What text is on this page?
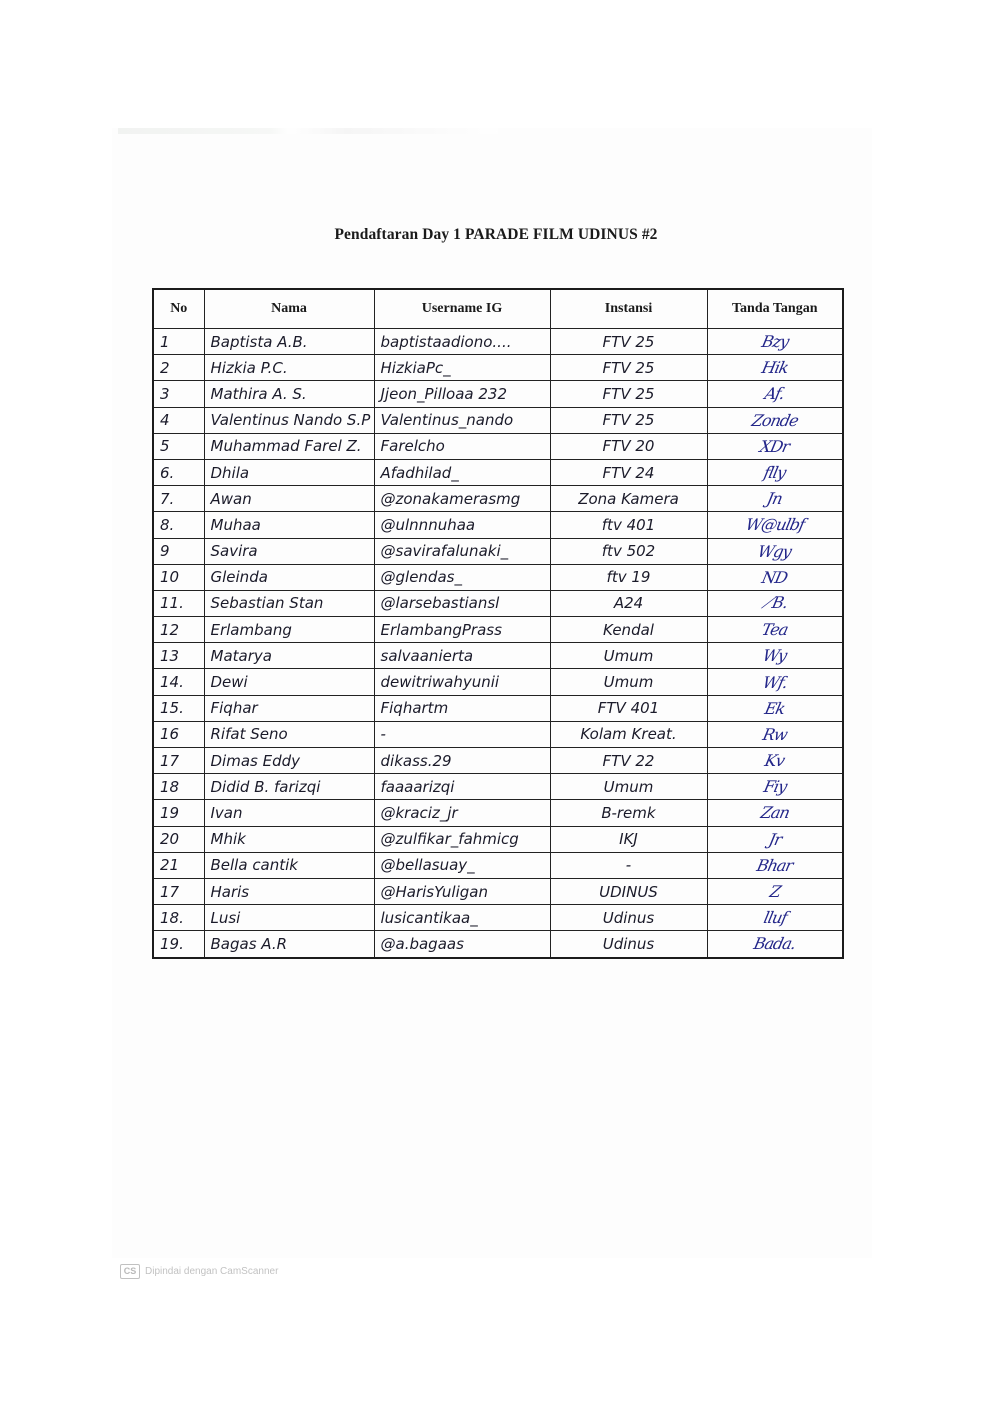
Pendaftaran Day 1 PARADE FILM UDINUS #2
No	Nama	Username IG	Instansi	Tanda Tangan
1	Baptista A.B.	baptistaadiono....	FTV 25	Bzy
2	Hizkia P.C.	HizkiaPc_	FTV 25	Hik
3	Mathira A. S.	Jjeon_Pilloaa 232	FTV 25	Af.
4	Valentinus Nando S.P	Valentinus_nando	FTV 25	Zonde
5	Muhammad Farel Z.	Farelcho	FTV 20	XDr
6.	Dhila	Afadhilad_	FTV 24	flly
7.	Awan	@zonakamerasmg	Zona Kamera	Jn
8.	Muhaa	@ulnnnuhaa	ftv 401	W@ulbf
9	Savira	@savirafalunaki_	ftv 502	Wgy
10	Gleinda	@glendas_	ftv 19	ND
11.	Sebastian Stan	@larsebastiansl	A24	⟋B.
12	Erlambang	ErlambangPrass	Kendal	Tea
13	Matarya	salvaanierta	Umum	Wy
14.	Dewi	dewitriwahyunii	Umum	Wf.
15.	Fiqhar	Fiqhartm	FTV 401	Ek
16	Rifat Seno	-	Kolam Kreat.	Rw
17	Dimas Eddy	dikass.29	FTV 22	Kv
18	Didid B. farizqi	faaaarizqi	Umum	Fiy
19	Ivan	@kraciz_jr	B-remk	Zan
20	Mhik	@zulfikar_fahmicg	IKJ	Jr
21	Bella cantik	@bellasuay_	-	Bhar
17	Haris	@HarisYuligan	UDINUS	Z
18.	Lusi	lusicantikaa_	Udinus	lluf
19.	Bagas A.R	@a.bagaas	Udinus	Bada.
CS Dipindai dengan CamScanner
